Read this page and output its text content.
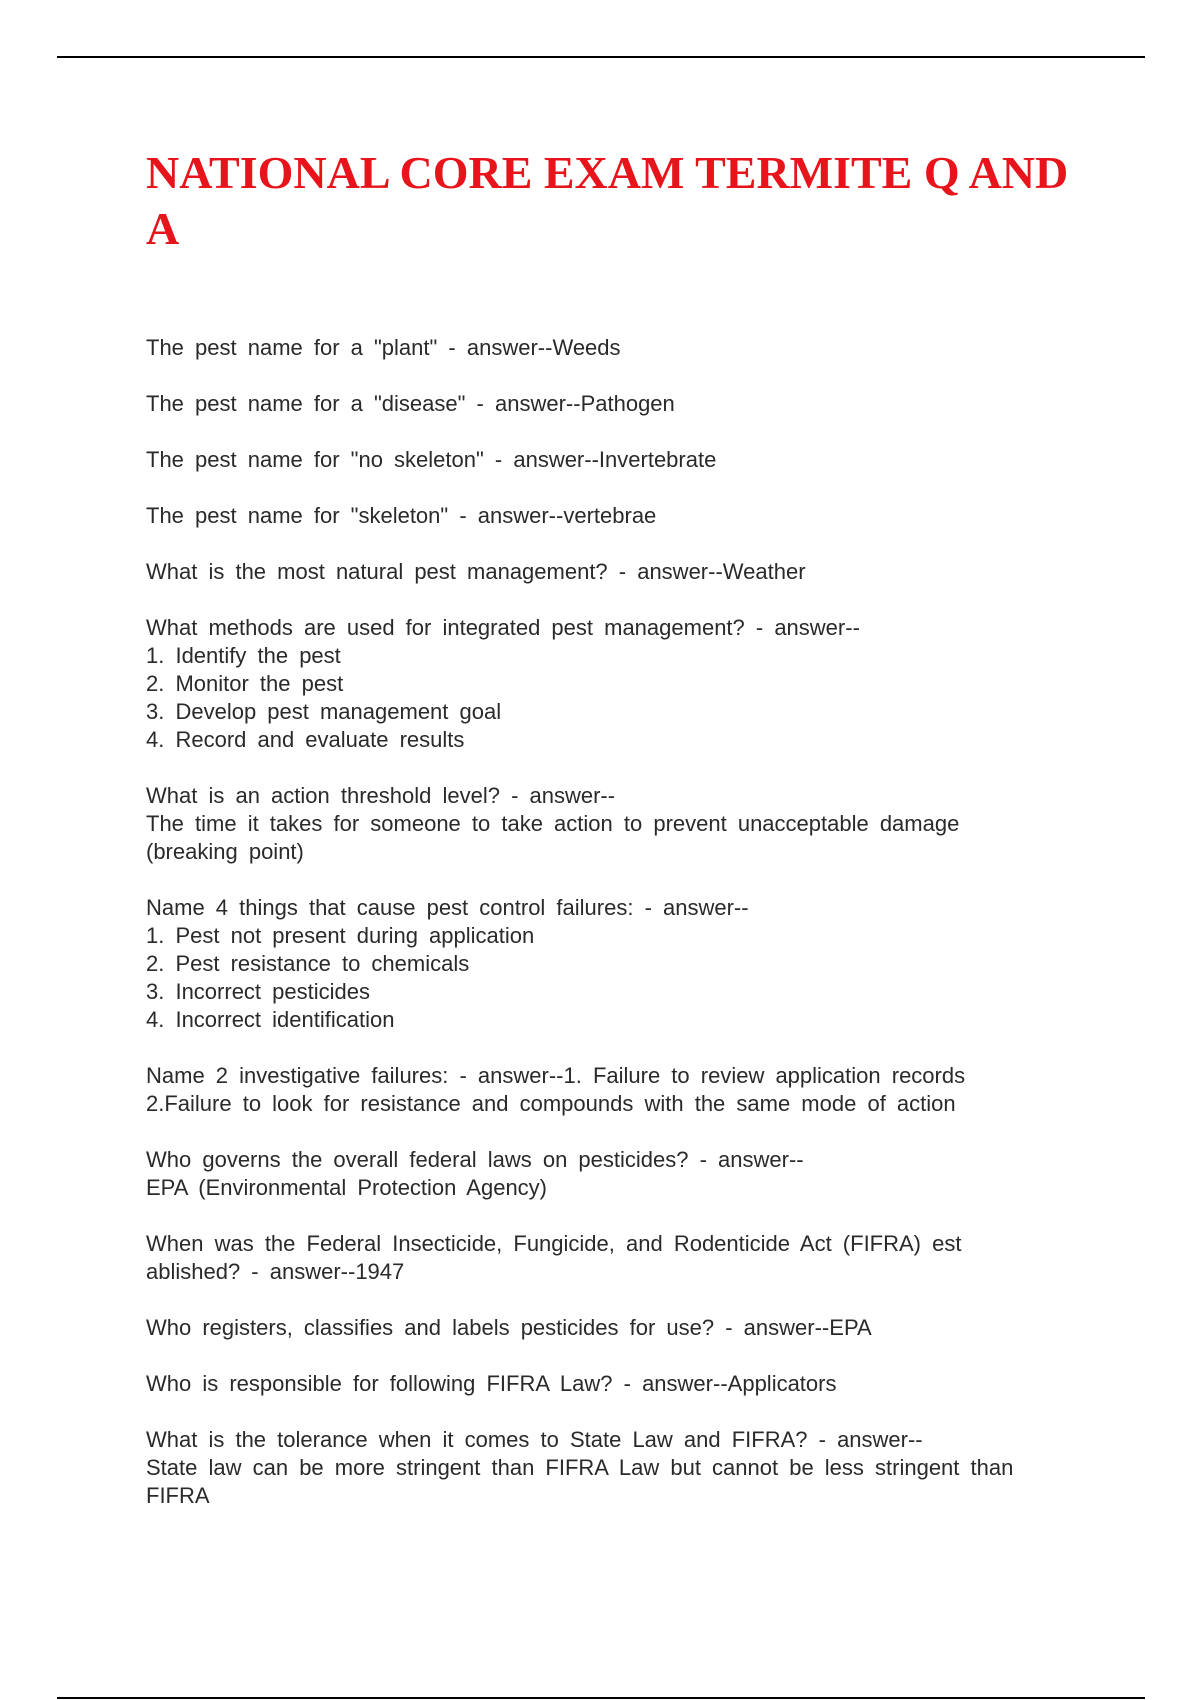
NATIONAL CORE EXAM TERMITE Q AND A

The pest name for a "plant" - answer--Weeds

The pest name for a "disease" - answer--Pathogen

The pest name for "no skeleton" - answer--Invertebrate

The pest name for "skeleton" - answer--vertebrae

What is the most natural pest management? - answer--Weather

What methods are used for integrated pest management? - answer--
1. Identify the pest
2. Monitor the pest
3. Develop pest management goal
4. Record and evaluate results

What is an action threshold level? - answer--
The time it takes for someone to take action to prevent unacceptable damage (breaking point)

Name 4 things that cause pest control failures: - answer--
1. Pest not present during application
2. Pest resistance to chemicals
3. Incorrect pesticides
4. Incorrect identification

Name 2 investigative failures: - answer--1. Failure to review application records 2.Failure to look for resistance and compounds with the same mode of action

Who governs the overall federal laws on pesticides? - answer--
EPA (Environmental Protection Agency)

When was the Federal Insecticide, Fungicide, and Rodenticide Act (FIFRA) est ablished? - answer--1947

Who registers, classifies and labels pesticides for use? - answer--EPA

Who is responsible for following FIFRA Law? - answer--Applicators

What is the tolerance when it comes to State Law and FIFRA? - answer--
State law can be more stringent than FIFRA Law but cannot be less stringent than FIFRA
